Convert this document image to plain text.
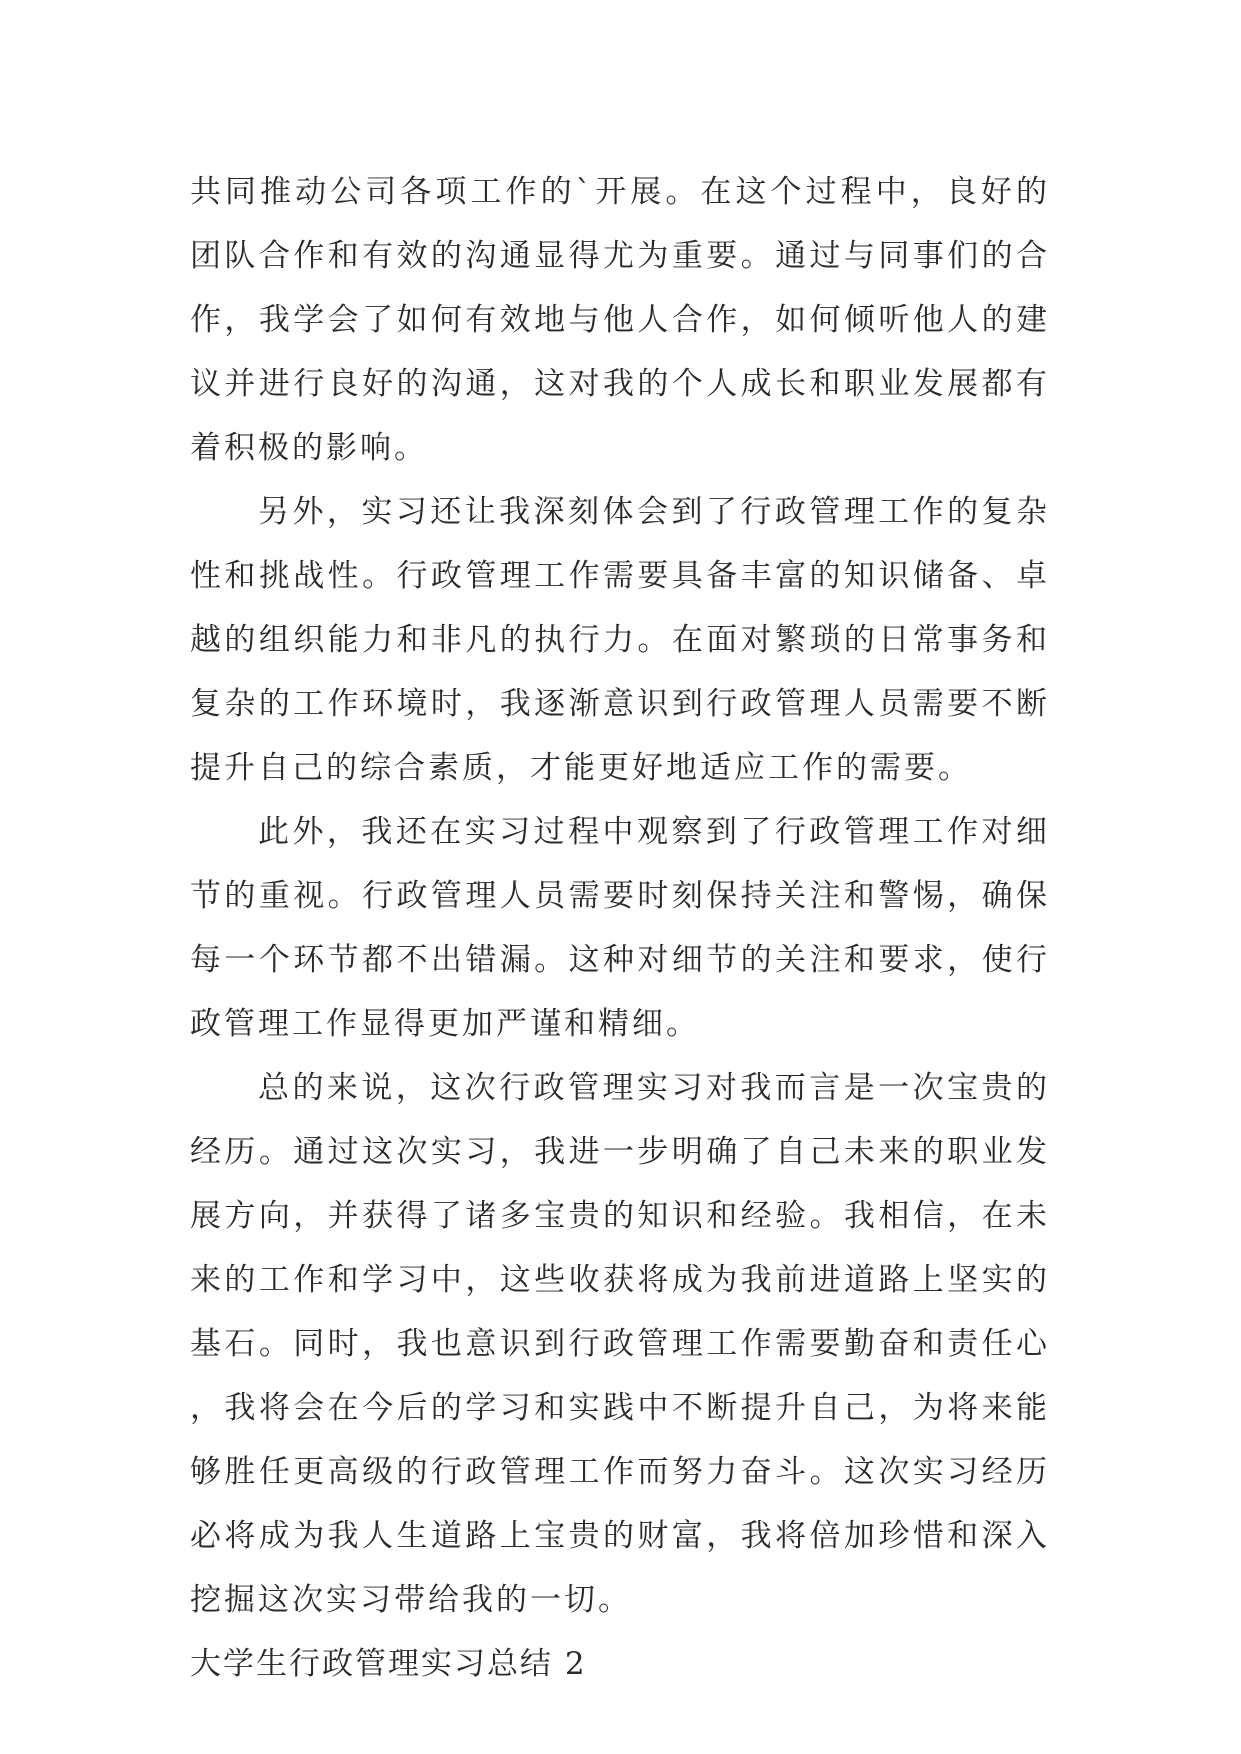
共同推动公司各项工作的`开展。在这个过程中，良好的团队合作和有效的沟通显得尤为重要。通过与同事们的合作，我学会了如何有效地与他人合作，如何倾听他人的建议并进行良好的沟通，这对我的个人成长和职业发展都有着积极的影响。

另外，实习还让我深刻体会到了行政管理工作的复杂性和挑战性。行政管理工作需要具备丰富的知识储备、卓越的组织能力和非凡的执行力。在面对繁琐的日常事务和复杂的工作环境时，我逐渐意识到行政管理人员需要不断提升自己的综合素质，才能更好地适应工作的需要。

此外，我还在实习过程中观察到了行政管理工作对细节的重视。行政管理人员需要时刻保持关注和警惕，确保每一个环节都不出错漏。这种对细节的关注和要求，使行政管理工作显得更加严谨和精细。

总的来说，这次行政管理实习对我而言是一次宝贵的经历。通过这次实习，我进一步明确了自己未来的职业发展方向，并获得了诸多宝贵的知识和经验。我相信，在未来的工作和学习中，这些收获将成为我前进道路上坚实的基石。同时，我也意识到行政管理工作需要勤奋和责任心，我将会在今后的学习和实践中不断提升自己，为将来能够胜任更高级的行政管理工作而努力奋斗。这次实习经历必将成为我人生道路上宝贵的财富，我将倍加珍惜和深入挖掘这次实习带给我的一切。

大学生行政管理实习总结 2
